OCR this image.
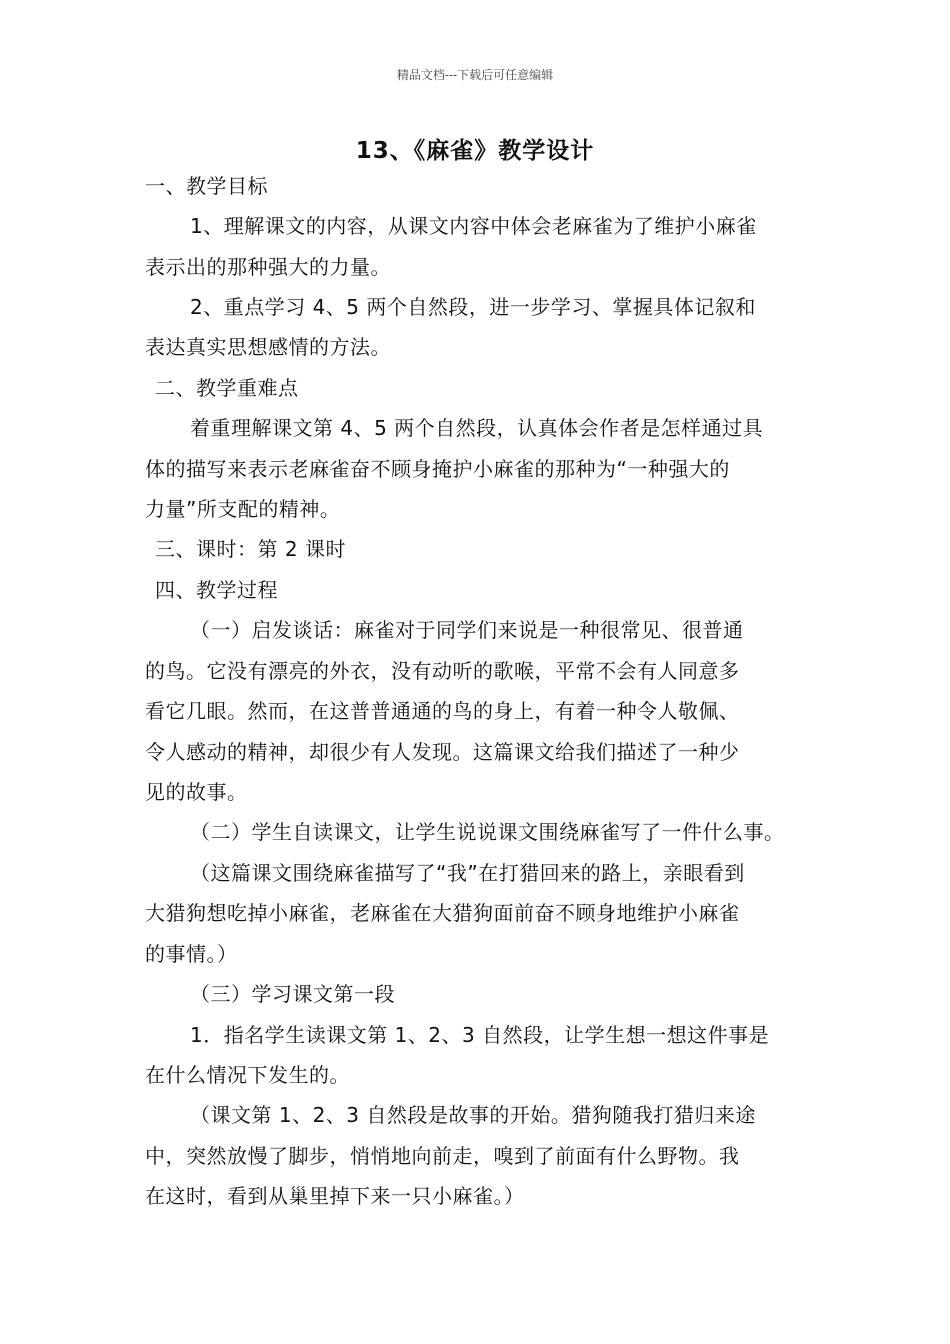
精品文档---下载后可任意编辑
13、《麻雀》教学设计
一、教学目标
1、理解课文的内容，从课文内容中体会老麻雀为了维护小麻雀
表示出的那种强大的力量。
2、重点学习 4、5 两个自然段，进一步学习、掌握具体记叙和
表达真实思想感情的方法。
二、教学重难点
着重理解课文第 4、5 两个自然段，认真体会作者是怎样通过具
体的描写来表示老麻雀奋不顾身掩护小麻雀的那种为“一种强大的
力量”所支配的精神。
三、课时：第 2 课时
四、教学过程
（一）启发谈话：麻雀对于同学们来说是一种很常见、很普通
的鸟。它没有漂亮的外衣，没有动听的歌喉，平常不会有人同意多
看它几眼。然而，在这普普通通的鸟的身上，有着一种令人敬佩、
令人感动的精神，却很少有人发现。这篇课文给我们描述了一种少
见的故事。
（二）学生自读课文，让学生说说课文围绕麻雀写了一件什么事。
（这篇课文围绕麻雀描写了“我”在打猎回来的路上，亲眼看到
大猎狗想吃掉小麻雀，老麻雀在大猎狗面前奋不顾身地维护小麻雀
的事情。）
（三）学习课文第一段
1．指名学生读课文第 1、2、3 自然段，让学生想一想这件事是
在什么情况下发生的。
（课文第 1、2、3 自然段是故事的开始。猎狗随我打猎归来途
中，突然放慢了脚步，悄悄地向前走，嗅到了前面有什么野物。我
在这时，看到从巢里掉下来一只小麻雀。）
